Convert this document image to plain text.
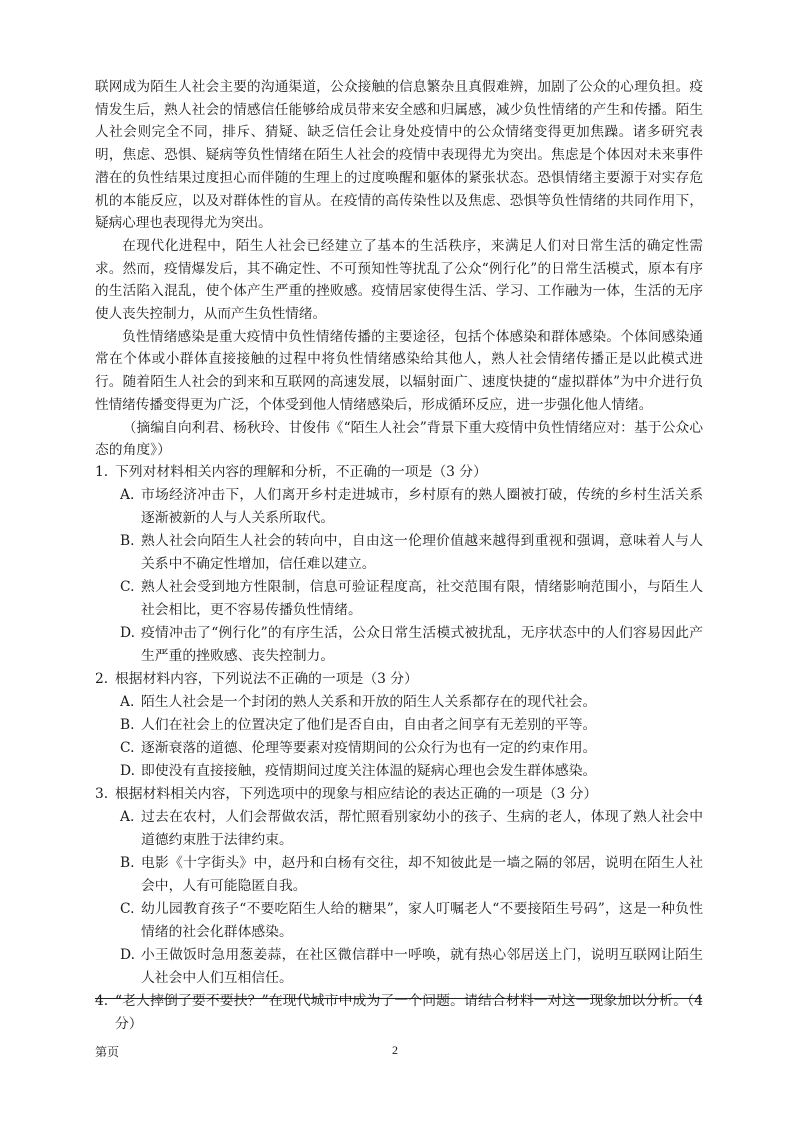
联网成为陌生人社会主要的沟通渠道，公众接触的信息繁杂且真假难辨，加剧了公众的心理负担。疫情发生后，熟人社会的情感信任能够给成员带来安全感和归属感，减少负性情绪的产生和传播。陌生人社会则完全不同，排斥、猜疑、缺乏信任会让身处疫情中的公众情绪变得更加焦躁。诸多研究表明，焦虑、恐惧、疑病等负性情绪在陌生人社会的疫情中表现得尤为突出。焦虑是个体因对未来事件潜在的负性结果过度担心而伴随的生理上的过度唤醒和躯体的紧张状态。恐惧情绪主要源于对实存危机的本能反应，以及对群体性的盲从。在疫情的高传染性以及焦虑、恐惧等负性情绪的共同作用下，疑病心理也表现得尤为突出。

在现代化进程中，陌生人社会已经建立了基本的生活秩序，来满足人们对日常生活的确定性需求。然而，疫情爆发后，其不确定性、不可预知性等扰乱了公众“例行化”的日常生活模式，原本有序的生活陷入混乱，使个体产生严重的挫败感。疫情居家使得生活、学习、工作融为一体，生活的无序使人丧失控制力，从而产生负性情绪。

负性情绪感染是重大疫情中负性情绪传播的主要途径，包括个体感染和群体感染。个体间感染通常在个体或小群体直接接触的过程中将负性情绪感染给其他人，熟人社会情绪传播正是以此模式进行。随着陌生人社会的到来和互联网的高速发展，以辐射面广、速度快捷的“虚拟群体”为中介进行负性情绪传播变得更为广泛，个体受到他人情绪感染后，形成循环反应，进一步强化他人情绪。

（摘编自向利君、杨秋玲、甘俊伟《“陌生人社会”背景下重大疫情中负性情绪应对：基于公众心态的角度》）

1. 下列对材料相关内容的理解和分析，不正确的一项是（3 分）
A. 市场经济冲击下，人们离开乡村走进城市，乡村原有的熟人圈被打破，传统的乡村生活关系逐渐被新的人与人关系所取代。
B. 熟人社会向陌生人社会的转向中，自由这一伦理价值越来越得到重视和强调，意味着人与人关系中不确定性增加，信任难以建立。
C. 熟人社会受到地方性限制，信息可验证程度高，社交范围有限，情绪影响范围小，与陌生人社会相比，更不容易传播负性情绪。
D. 疫情冲击了“例行化”的有序生活，公众日常生活模式被扰乱，无序状态中的人们容易因此产生严重的挫败感、丧失控制力。
2. 根据材料内容，下列说法不正确的一项是（3 分）
A. 陌生人社会是一个封闭的熟人关系和开放的陌生人关系都存在的现代社会。
B. 人们在社会上的位置决定了他们是否自由，自由者之间享有无差别的平等。
C. 逐渐衰落的道德、伦理等要素对疫情期间的公众行为也有一定的约束作用。
D. 即使没有直接接触，疫情期间过度关注体温的疑病心理也会发生群体感染。
3. 根据材料相关内容，下列选项中的现象与相应结论的表达正确的一项是（3 分）
A. 过去在农村，人们会帮做农活，帮忙照看别家幼小的孩子、生病的老人，体现了熟人社会中道德约束胜于法律约束。
B. 电影《十字街头》中，赵丹和白杨有交往，却不知彼此是一墙之隔的邻居，说明在陌生人社会中，人有可能隐匿自我。
C. 幼儿园教育孩子“不要吃陌生人给的糖果”，家人叮嘱老人“不要接陌生号码”，这是一种负性情绪的社会化群体感染。
D. 小王做饭时急用葱姜蒜，在社区微信群中一呼唤，就有热心邻居送上门，说明互联网让陌生人社会中人们互相信任。
4. “老人摔倒了要不要扶？”在现代城市中成为了一个问题。请结合材料一对这一现象加以分析。（4 分）
第页	2
